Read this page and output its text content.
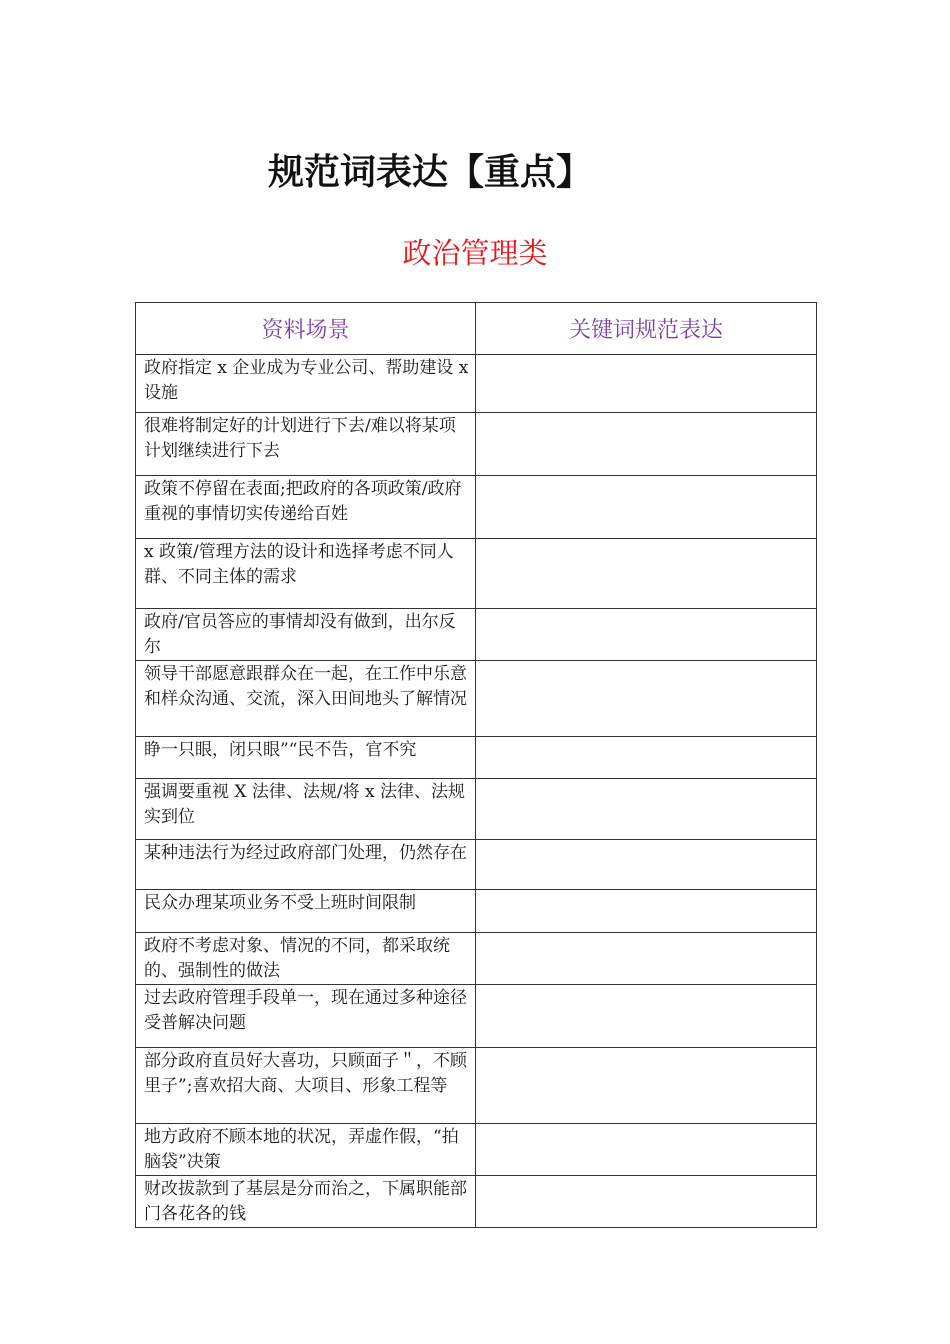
规范词表达【重点】
政治管理类
资料场景	关键词规范表达
政府指定 x 企业成为专业公司、帮助建设 x 设施	
很难将制定好的计划进行下去/难以将某项计划继续进行下去	
政策不停留在表面;把政府的各项政策/政府重视的事情切实传递给百姓	
x 政策/管理方法的设计和选择考虑不同人群、不同主体的需求	
政府/官员答应的事情却没有做到，出尔反尔	
领导干部愿意跟群众在一起，在工作中乐意和样众沟通、交流，深入田间地头了解情况	
睁一只眼，闭只眼”“民不告，官不究	
强调要重视 X 法律、法规/将 x 法律、法规实到位	
某种违法行为经过政府部门处理，仍然存在	
民众办理某项业务不受上班时间限制	
政府不考虑对象、情况的不同，都采取统的、强制性的做法	
过去政府管理手段单一，现在通过多种途径受普解决问题	
部分政府直员好大喜功，只顾面子＂，不顾里子”;喜欢招大商、大项目、形象工程等	
地方政府不顾本地的状况，弄虚作假，“拍脑袋”决策	
财改拔款到了基层是分而治之，下属职能部门各花各的钱	
